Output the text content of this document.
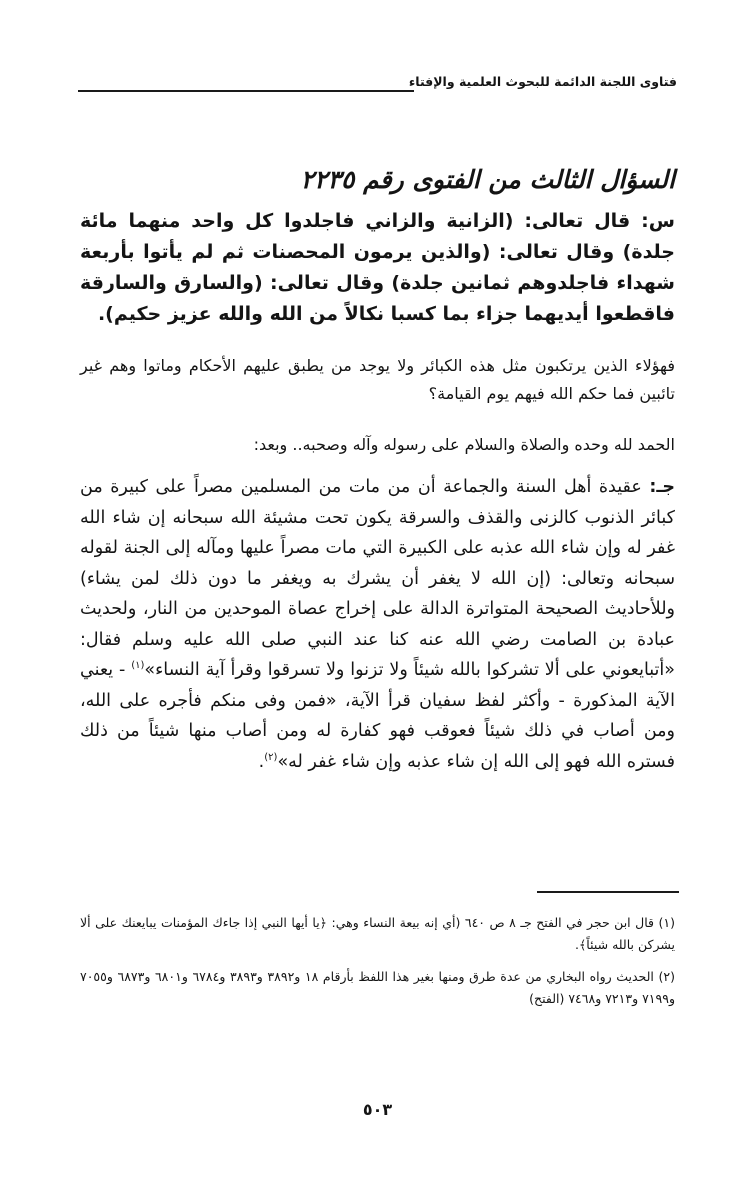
فتاوى اللجنة الدائمة للبحوث العلمية والإفتاء
السؤال الثالث من الفتوى رقم ٢٢٣٥
س: قال تعالى: (الزانية والزاني فاجلدوا كل واحد منهما مائة جلدة) وقال تعالى: (والذين يرمون المحصنات ثم لم يأتوا بأربعة شهداء فاجلدوهم ثمانين جلدة) وقال تعالى: (والسارق والسارقة فاقطعوا أيديهما جزاء بما كسبا نكالاً من الله والله عزيز حكيم).
فهؤلاء الذين يرتكبون مثل هذه الكبائر ولا يوجد من يطبق عليهم الأحكام وماتوا وهم غير تائبين فما حكم الله فيهم يوم القيامة؟
الحمد لله وحده والصلاة والسلام على رسوله وآله وصحبه.. وبعد:
جـ: عقيدة أهل السنة والجماعة أن من مات من المسلمين مصراً على كبيرة من كبائر الذنوب كالزنى والقذف والسرقة يكون تحت مشيئة الله سبحانه إن شاء الله غفر له وإن شاء الله عذبه على الكبيرة التي مات مصراً عليها ومآله إلى الجنة لقوله سبحانه وتعالى: (إن الله لا يغفر أن يشرك به ويغفر ما دون ذلك لمن يشاء) وللأحاديث الصحيحة المتواترة الدالة على إخراج عصاة الموحدين من النار، ولحديث عبادة بن الصامت رضي الله عنه كنا عند النبي صلى الله عليه وسلم فقال: «أتبايعوني على ألا تشركوا بالله شيئاً ولا تزنوا ولا تسرقوا وقرأ آية النساء»$^{(١)}$ - يعني الآية المذكورة - وأكثر لفظ سفيان قرأ الآية، «فمن وفى منكم فأجره على الله، ومن أصاب في ذلك شيئاً فعوقب فهو كفارة له ومن أصاب منها شيئاً من ذلك فستره الله فهو إلى الله إن شاء عذبه وإن شاء غفر له»$^{(٢)}$.
(١) قال ابن حجر في الفتح جـ ٨ ص ٦٤٠ (أي إنه بيعة النساء وهي: ﴿يا أيها النبي إذا جاءك المؤمنات يبايعنك على ألا يشركن بالله شيئاً﴾.
(٢) الحديث رواه البخاري من عدة طرق ومنها بغير هذا اللفظ بأرقام ١٨ و٣٨٩٢ و٣٨٩٣ و٦٧٨٤ و٦٨٠١ و٦٨٧٣ و٧٠٥٥ و٧١٩٩ و٧٢١٣ و٧٤٦٨ (الفتح)
٥٠٣
